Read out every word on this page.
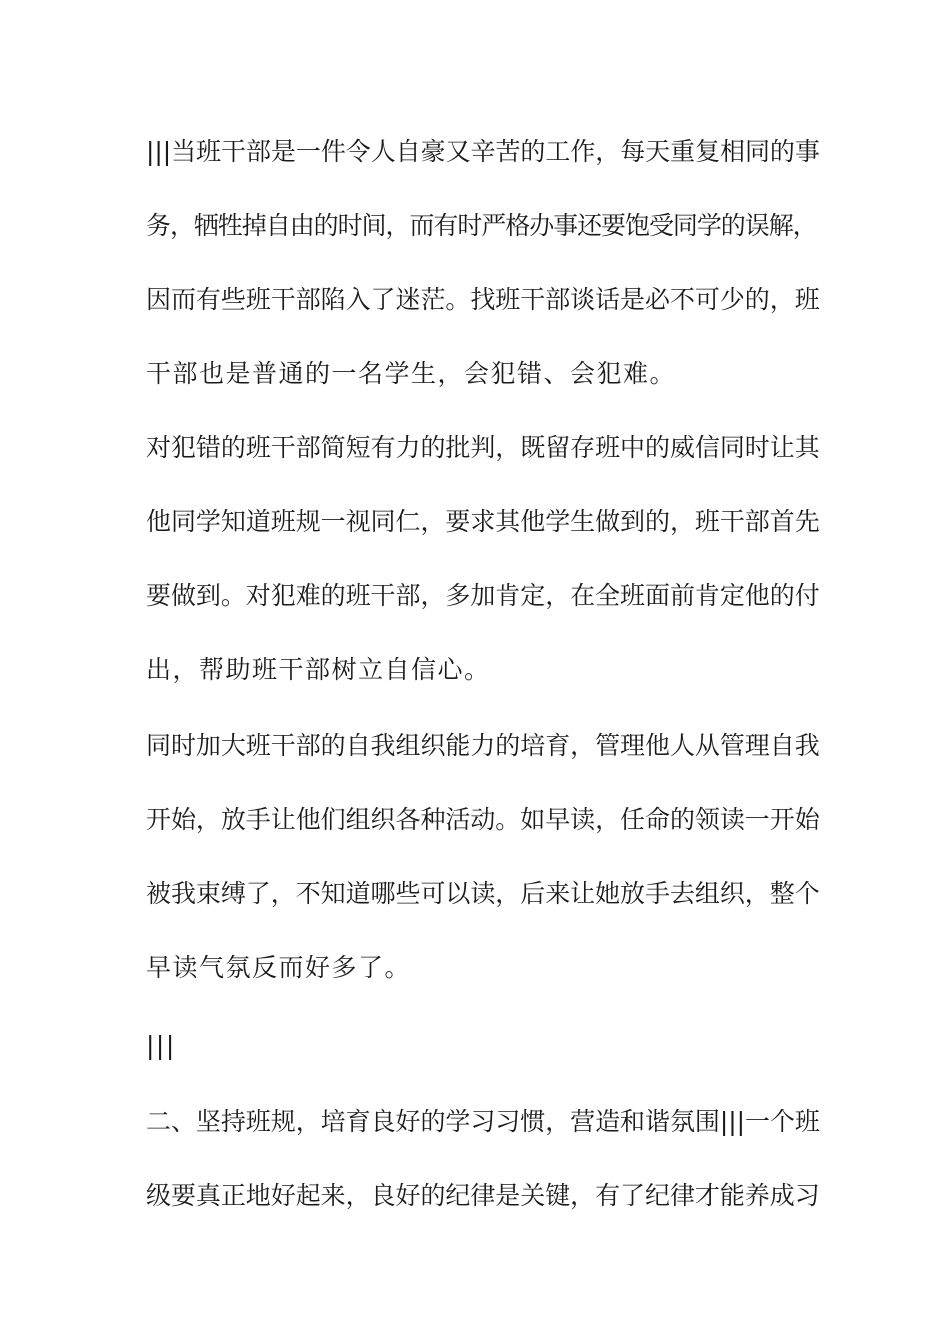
|||当班干部是一件令人自豪又辛苦的工作，每天重复相同的事
务，牺牲掉自由的时间，而有时严格办事还要饱受同学的误解，
因而有些班干部陷入了迷茫。找班干部谈话是必不可少的，班
干部也是普通的一名学生，会犯错、会犯难。
对犯错的班干部简短有力的批判，既留存班中的威信同时让其
他同学知道班规一视同仁，要求其他学生做到的，班干部首先
要做到。对犯难的班干部，多加肯定，在全班面前肯定他的付
出，帮助班干部树立自信心。
同时加大班干部的自我组织能力的培育，管理他人从管理自我
开始，放手让他们组织各种活动。如早读，任命的领读一开始
被我束缚了，不知道哪些可以读，后来让她放手去组织，整个
早读气氛反而好多了。
|||
二、坚持班规，培育良好的学习习惯，营造和谐氛围|||一个班
级要真正地好起来，良好的纪律是关键，有了纪律才能养成习
